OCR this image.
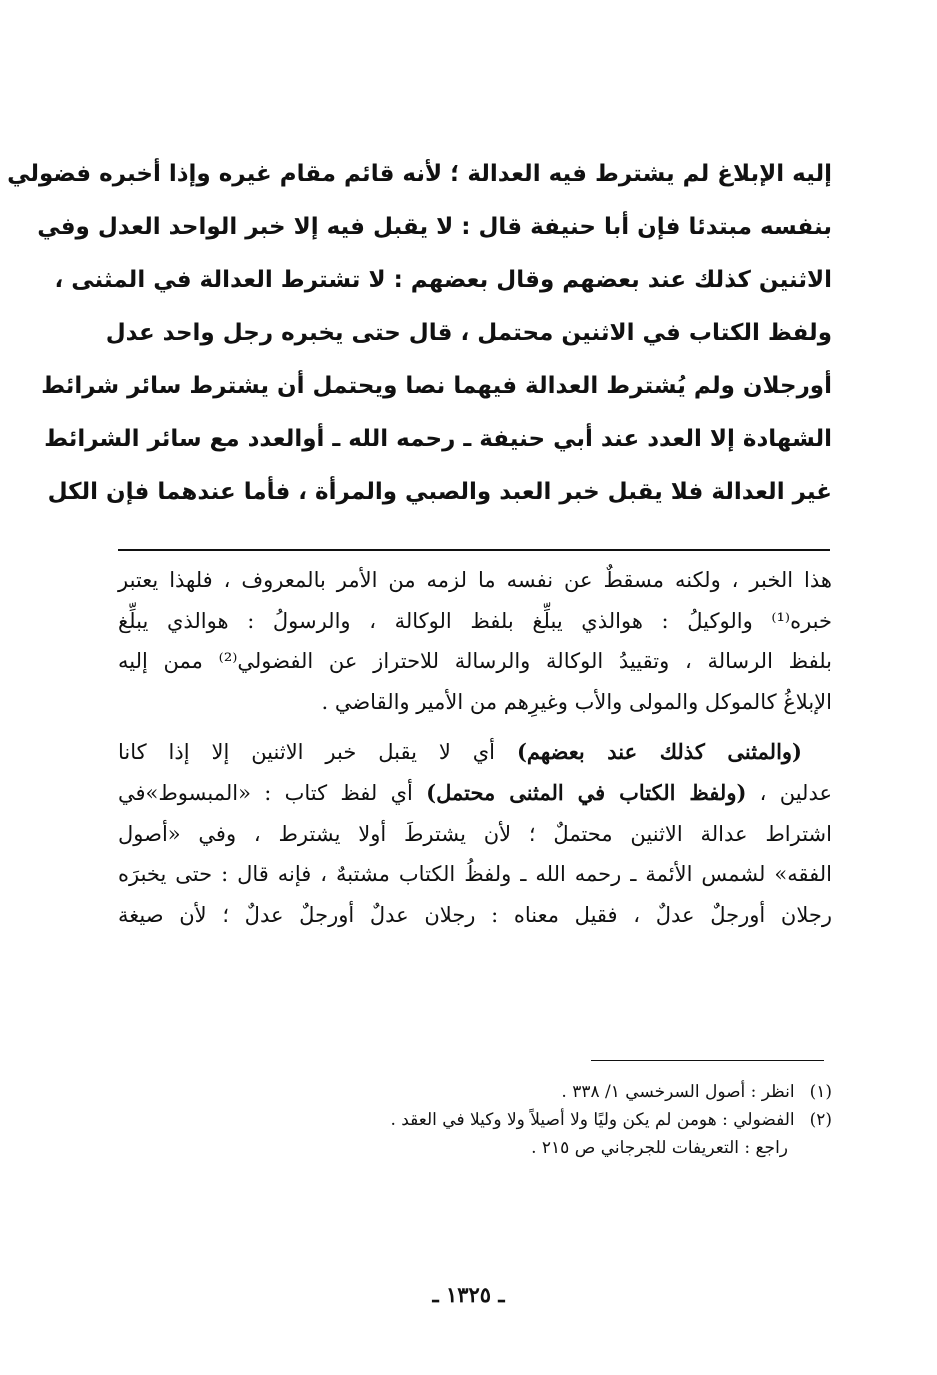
إليه الإبلاغ لم يشترط فيه العدالة ؛ لأنه قائم مقام غيره وإذا أخبره فضولي
بنفسه مبتدئا فإن أبا حنيفة قال : لا يقبل فيه إلا خبر الواحد العدل وفي
الاثنين كذلك عند بعضهم وقال بعضهم : لا تشترط العدالة في المثنى ،
ولفظ الكتاب في الاثنين محتمل ، قال حتى يخبره رجل واحد عدل
أورجلان ولم يُشترط العدالة فيهما نصا ويحتمل أن يشترط سائر شرائط
الشهادة إلا العدد عند أبي حنيفة ـ رحمه الله ـ أوالعدد مع سائر الشرائط
غير العدالة فلا يقبل خبر العبد والصبي والمرأة ، فأما عندهما فإن الكل
هذا الخبر ، ولكنه مسقطٌ عن نفسه ما لزمه من الأمر بالمعروف ، فلهذا يعتبر
خبره⁽¹⁾ والوكيلُ : هوالذي يبلِّغ بلفظ الوكالة ، والرسولُ : هوالذي يبلِّغ
بلفظ الرسالة ، وتقييدُ الوكالة والرسالة للاحتراز عن الفضولي⁽²⁾ ممن إليه
الإبلاغُ كالموكل والمولى والأب وغيرِهم من الأمير والقاضي .
(والمثنى كذلك عند بعضهم) أي لا يقبل خبر الاثنين إلا إذا كانا
عدلين ، (ولفظ الكتاب في المثنى محتمل) أي لفظ كتاب : «المبسوط»في
اشتراط عدالة الاثنين محتملٌ ؛ لأن يشترطَ أولا يشترط ، وفي «أصول
الفقه» لشمس الأئمة ـ رحمه الله ـ ولفظُ الكتاب مشتبهٌ ، فإنه قال : حتى يخبرَه
رجلان أورجلٌ عدلٌ ، فقيل معناه : رجلان عدلٌ أورجلٌ عدلٌ ؛ لأن صيغة
(١) انظر : أصول السرخسي ١/ ٣٣٨ .
(٢) الفضولي : هومن لم يكن وليًا ولا أصيلاً ولا وكيلا في العقد .
راجع : التعريفات للجرجاني ص ٢١٥ .
ـ ١٣٢٥ ـ
